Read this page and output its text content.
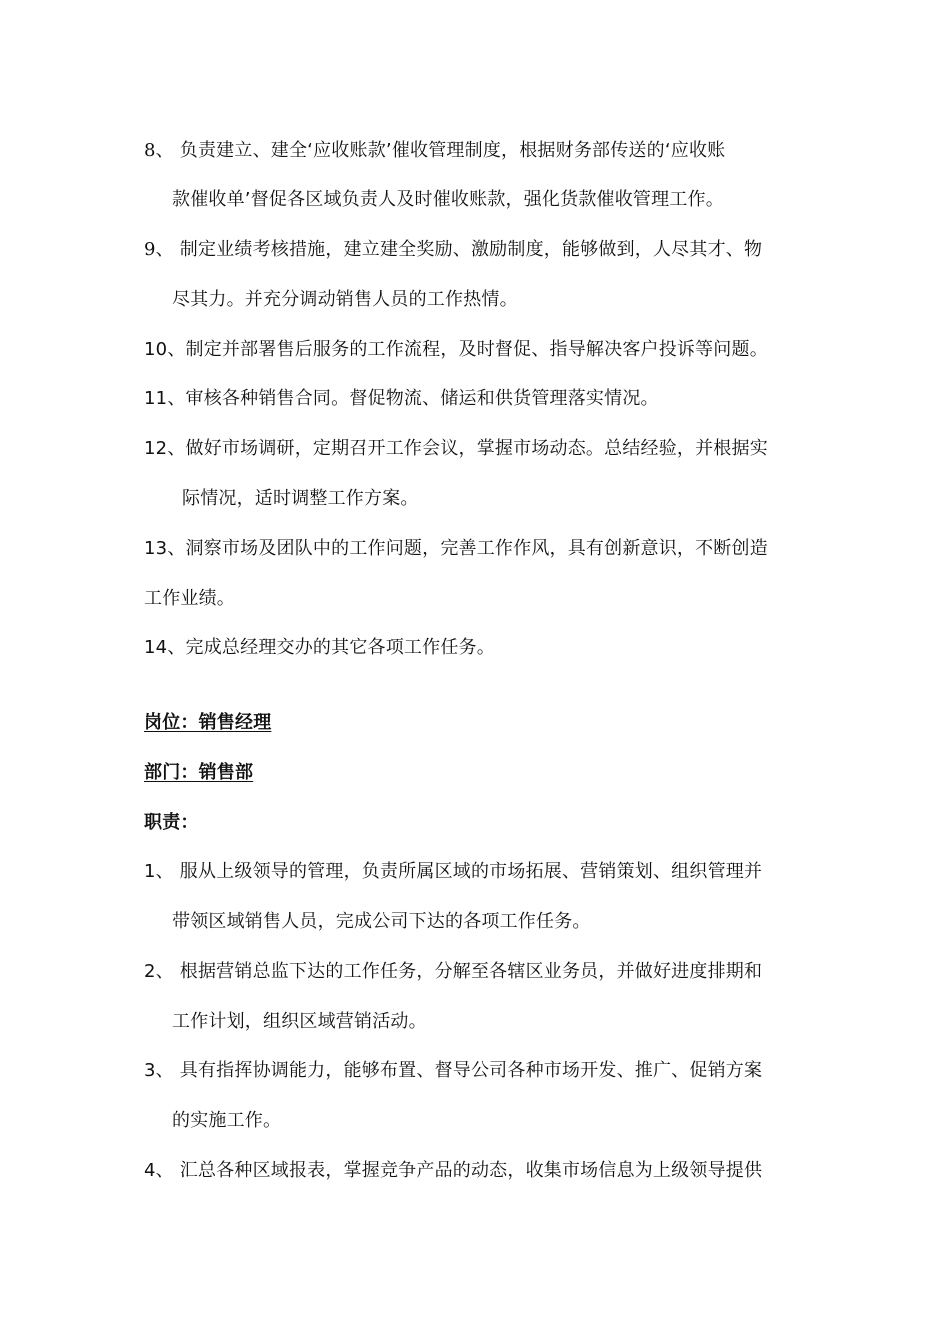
8、 负责建立、建全‘应收账款’催收管理制度，根据财务部传送的‘应收账
款催收单’督促各区域负责人及时催收账款，强化货款催收管理工作。
9、 制定业绩考核措施，建立建全奖励、激励制度，能够做到，人尽其才、物
尽其力。并充分调动销售人员的工作热情。
10、制定并部署售后服务的工作流程，及时督促、指导解决客户投诉等问题。
11、审核各种销售合同。督促物流、储运和供货管理落实情况。
12、做好市场调研，定期召开工作会议，掌握市场动态。总结经验，并根据实
际情况，适时调整工作方案。
13、洞察市场及团队中的工作问题，完善工作作风，具有创新意识，不断创造
工作业绩。
14、完成总经理交办的其它各项工作任务。
岗位：销售经理
部门：销售部
职责：
1、 服从上级领导的管理，负责所属区域的市场拓展、营销策划、组织管理并
带领区域销售人员，完成公司下达的各项工作任务。
2、 根据营销总监下达的工作任务，分解至各辖区业务员，并做好进度排期和
工作计划，组织区域营销活动。
3、 具有指挥协调能力，能够布置、督导公司各种市场开发、推广、促销方案
的实施工作。
4、 汇总各种区域报表，掌握竞争产品的动态，收集市场信息为上级领导提供
